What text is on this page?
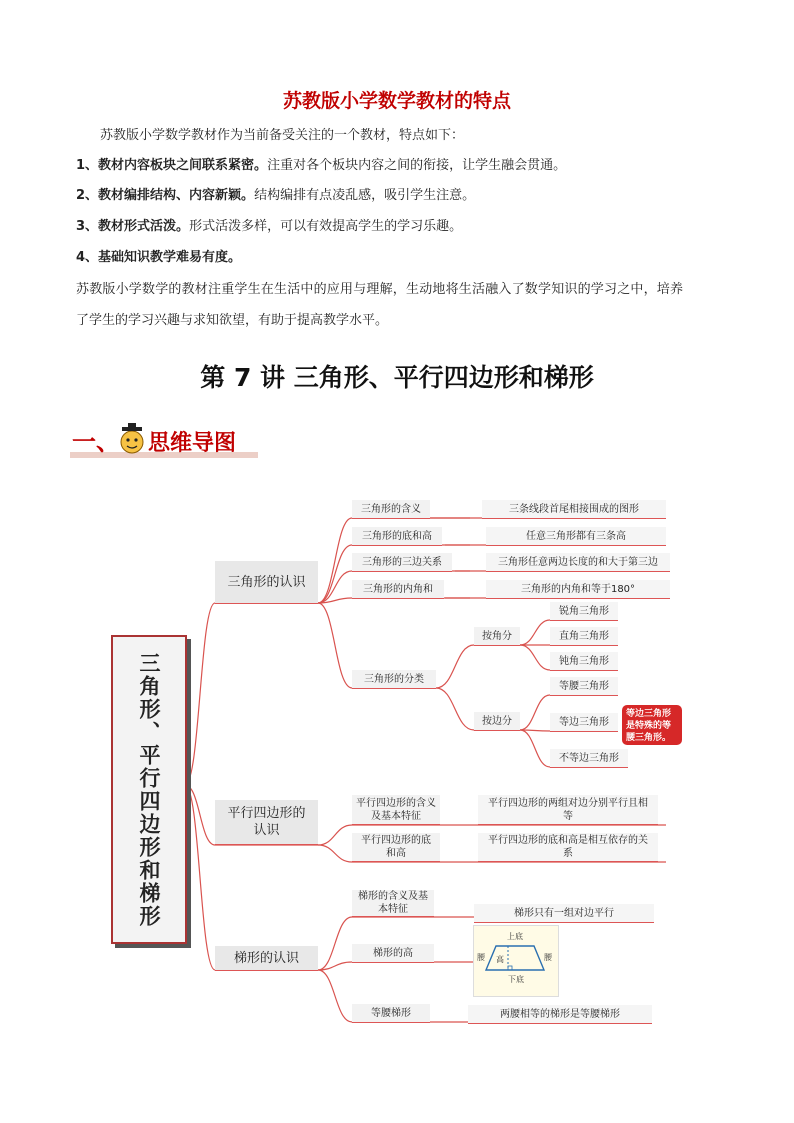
苏教版小学数学教材的特点
苏教版小学数学教材作为当前备受关注的一个教材，特点如下：
1、教材内容板块之间联系紧密。注重对各个板块内容之间的衔接，让学生融会贯通。
2、教材编排结构、内容新颖。结构编排有点凌乱感，吸引学生注意。
3、教材形式活泼。形式活泼多样，可以有效提高学生的学习乐趣。
4、基础知识教学难易有度。
苏教版小学数学的教材注重学生在生活中的应用与理解，生动地将生活融入了数学知识的学习之中，培养
了学生的学习兴趣与求知欲望，有助于提高教学水平。
第 7 讲 三角形、平行四边形和梯形
一、 思维导图
三角形、平行四边形和梯形
三角形的认识
平行四边形的认识
梯形的认识
三角形的含义
三角形的底和高
三角形的三边关系
三角形的内角和
三角形的分类
三条线段首尾相接围成的图形
任意三角形都有三条高
三角形任意两边长度的和大于第三边
三角形的内角和等于180°
按角分
按边分
锐角三角形
直角三角形
钝角三角形
等腰三角形
等边三角形
不等边三角形
等边三角形是特殊的等腰三角形。
平行四边形的含义及基本特征
平行四边形的底和高
平行四边形的两组对边分别平行且相等
平行四边形的底和高是相互依存的关系
梯形的含义及基本特征
梯形的高
等腰梯形
梯形只有一组对边平行
两腰相等的梯形是等腰梯形
上底
下底
腰	腰
高
